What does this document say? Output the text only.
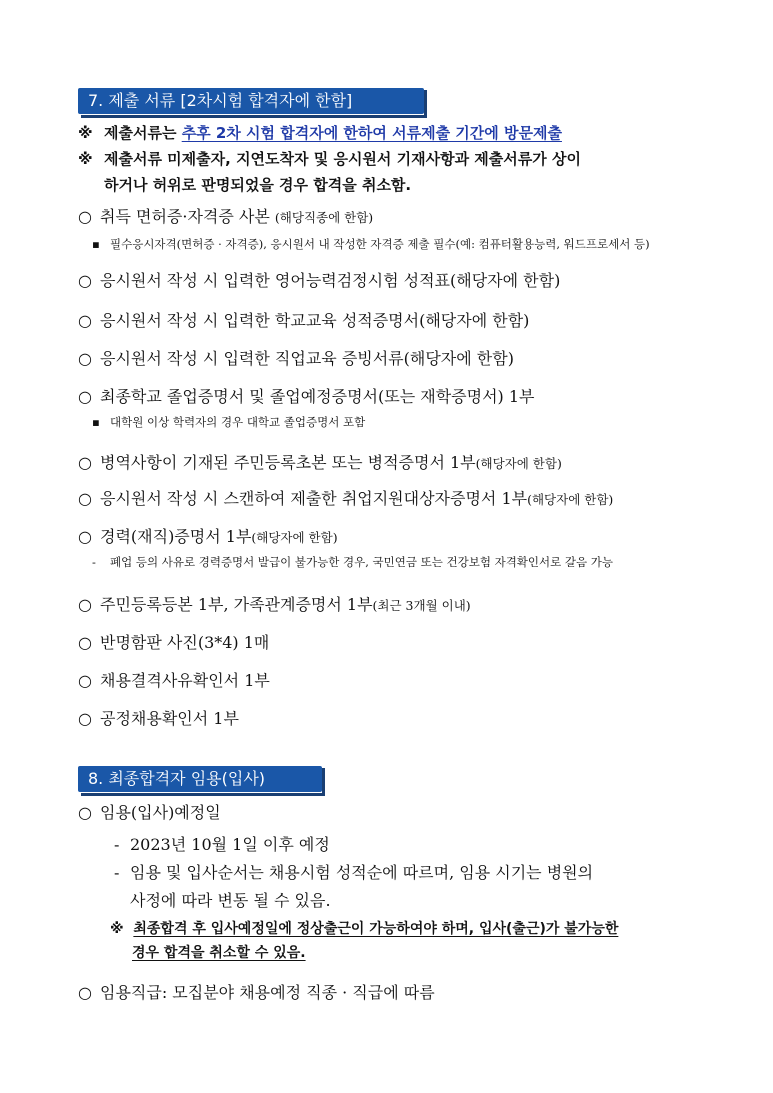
7. 제출 서류 [2차시험 합격자에 한함]
※ 제출서류는 추후 2차 시험 합격자에 한하여 서류제출 기간에 방문제출
※ 제출서류 미제출자, 지연도착자 및 응시원서 기재사항과 제출서류가 상이
하거나 허위로 판명되었을 경우 합격을 취소함.
○ 취득 면허증·자격증 사본 (해당직종에 한함)
▪ 필수응시자격(면허증 · 자격증), 응시원서 내 작성한 자격증 제출 필수(예: 컴퓨터활용능력, 워드프로세서 등)
○ 응시원서 작성 시 입력한 영어능력검정시험 성적표(해당자에 한함)
○ 응시원서 작성 시 입력한 학교교육 성적증명서(해당자에 한함)
○ 응시원서 작성 시 입력한 직업교육 증빙서류(해당자에 한함)
○ 최종학교 졸업증명서 및 졸업예정증명서(또는 재학증명서) 1부
▪ 대학원 이상 학력자의 경우 대학교 졸업증명서 포함
○ 병역사항이 기재된 주민등록초본 또는 병적증명서 1부(해당자에 한함)
○ 응시원서 작성 시 스캔하여 제출한 취업지원대상자증명서 1부(해당자에 한함)
○ 경력(재직)증명서 1부(해당자에 한함)
- 폐업 등의 사유로 경력증명서 발급이 불가능한 경우, 국민연금 또는 건강보험 자격확인서로 갈음 가능
○ 주민등록등본 1부, 가족관계증명서 1부(최근 3개월 이내)
○ 반명함판 사진(3*4) 1매
○ 채용결격사유확인서 1부
○ 공정채용확인서 1부
8. 최종합격자 임용(입사)
○ 임용(입사)예정일
- 2023년 10월 1일 이후 예정
- 임용 및 입사순서는 채용시험 성적순에 따르며, 임용 시기는 병원의
사정에 따라 변동 될 수 있음.
※ 최종합격 후 입사예정일에 정상출근이 가능하여야 하며, 입사(출근)가 불가능한
경우 합격을 취소할 수 있음.
○ 임용직급: 모집분야 채용예정 직종 · 직급에 따름
